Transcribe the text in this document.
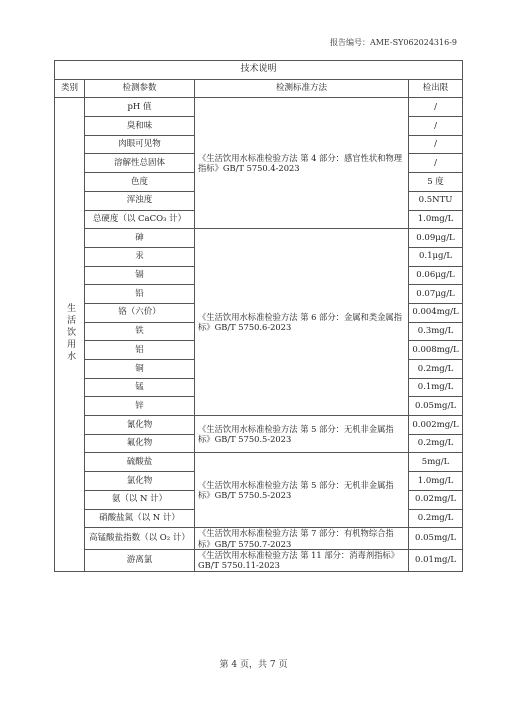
报告编号：AME-SY062024316-9
技术说明			
类别	检测参数	检测标准方法	检出限
生活饮用水	pH 值	《生活饮用水标准检验方法 第 4 部分：感官性状和物理指标》GB/T 5750.4-2023	/
	臭和味		/
	肉眼可见物		/
	溶解性总固体		/
	色度		5 度
	浑浊度		0.5NTU
	总硬度（以 CaCO₃ 计）		1.0mg/L
	砷	《生活饮用水标准检验方法 第 6 部分：金属和类金属指标》GB/T 5750.6-2023	0.09μg/L
	汞		0.1μg/L
	镉		0.06μg/L
	铅		0.07μg/L
	铬（六价）		0.004mg/L
	铁		0.3mg/L
	铝		0.008mg/L
	铜		0.2mg/L
	锰		0.1mg/L
	锌		0.05mg/L
	氰化物	《生活饮用水标准检验方法 第 5 部分：无机非金属指标》GB/T 5750.5-2023	0.002mg/L
	氟化物		0.2mg/L
	硫酸盐	《生活饮用水标准检验方法 第 5 部分：无机非金属指标》GB/T 5750.5-2023	5mg/L
	氯化物		1.0mg/L
	氨（以 N 计）		0.02mg/L
	硝酸盐氮（以 N 计）		0.2mg/L
	高锰酸盐指数（以 O₂ 计）	《生活饮用水标准检验方法 第 7 部分：有机物综合指标》GB/T 5750.7-2023	0.05mg/L
	游离氯	《生活饮用水标准检验方法 第 11 部分：消毒剂指标》GB/T 5750.11-2023	0.01mg/L
第 4 页，共 7 页
